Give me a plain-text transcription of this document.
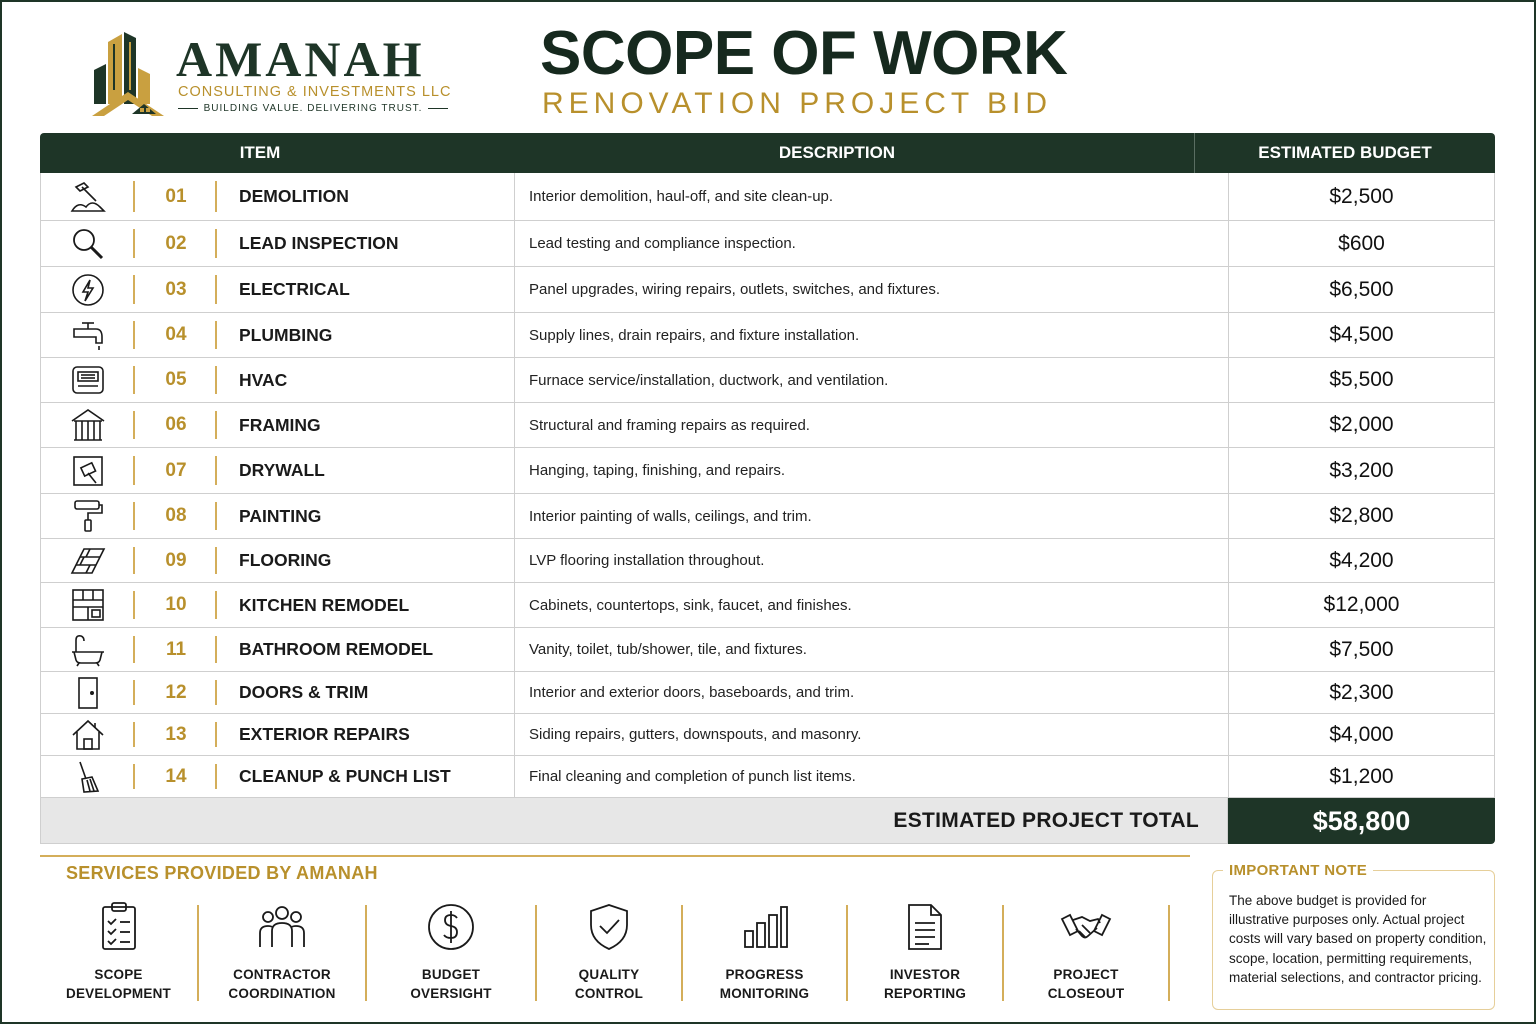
AMANAH
CONSULTING & INVESTMENTS LLC
BUILDING VALUE. DELIVERING TRUST.
SCOPE OF WORK
RENOVATION PROJECT BID
ITEM	DESCRIPTION	ESTIMATED BUDGET
01	DEMOLITION	Interior demolition, haul-off, and site clean-up.	$2,500
02	LEAD INSPECTION	Lead testing and compliance inspection.	$600
03	ELECTRICAL	Panel upgrades, wiring repairs, outlets, switches, and fixtures.	$6,500
04	PLUMBING	Supply lines, drain repairs, and fixture installation.	$4,500
05	HVAC	Furnace service/installation, ductwork, and ventilation.	$5,500
06	FRAMING	Structural and framing repairs as required.	$2,000
07	DRYWALL	Hanging, taping, finishing, and repairs.	$3,200
08	PAINTING	Interior painting of walls, ceilings, and trim.	$2,800
09	FLOORING	LVP flooring installation throughout.	$4,200
10	KITCHEN REMODEL	Cabinets, countertops, sink, faucet, and finishes.	$12,000
11	BATHROOM REMODEL	Vanity, toilet, tub/shower, tile, and fixtures.	$7,500
12	DOORS & TRIM	Interior and exterior doors, baseboards, and trim.	$2,300
13	EXTERIOR REPAIRS	Siding repairs, gutters, downspouts, and masonry.	$4,000
14	CLEANUP & PUNCH LIST	Final cleaning and completion of punch list items.	$1,200
ESTIMATED PROJECT TOTAL	$58,800
SERVICES PROVIDED BY AMANAH
SCOPE
DEVELOPMENT
CONTRACTOR
COORDINATION
BUDGET
OVERSIGHT
QUALITY
CONTROL
PROGRESS
MONITORING
INVESTOR
REPORTING
PROJECT
CLOSEOUT
IMPORTANT NOTE
The above budget is provided for illustrative purposes only. Actual project costs will vary based on property condition, scope, location, permitting requirements, material selections, and contractor pricing.
